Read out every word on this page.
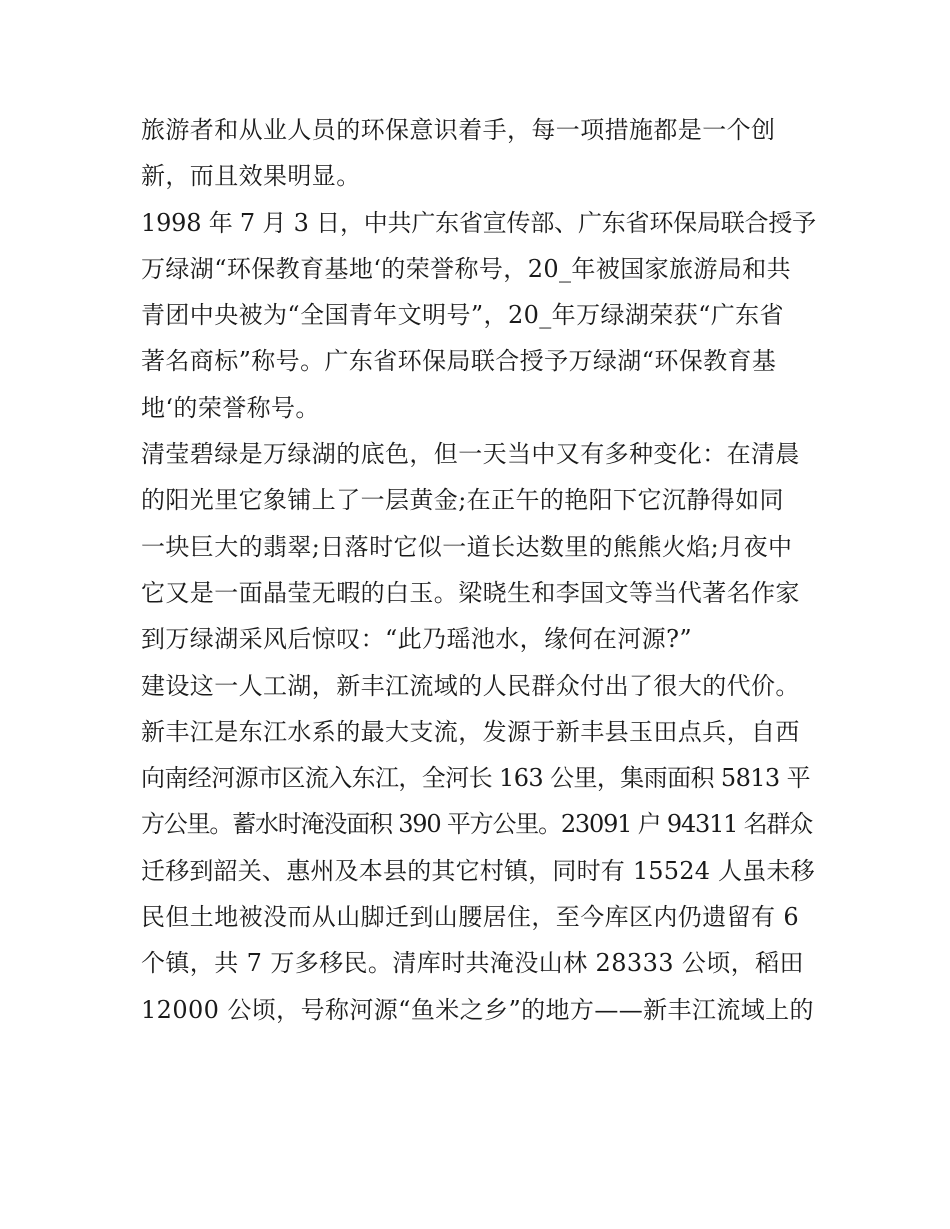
旅游者和从业人员的环保意识着手，每一项措施都是一个创
新，而且效果明显。
1998 年 7 月 3 日，中共广东省宣传部、广东省环保局联合授予
万绿湖“环保教育基地‘的荣誉称号，20_年被国家旅游局和共
青团中央被为“全国青年文明号”，20_年万绿湖荣获“广东省
著名商标”称号。广东省环保局联合授予万绿湖“环保教育基
地‘的荣誉称号。
清莹碧绿是万绿湖的底色，但一天当中又有多种变化：在清晨
的阳光里它象铺上了一层黄金;在正午的艳阳下它沉静得如同
一块巨大的翡翠;日落时它似一道长达数里的熊熊火焰;月夜中
它又是一面晶莹无暇的白玉。梁晓生和李国文等当代著名作家
到万绿湖采风后惊叹：“此乃瑶池水，缘何在河源?”
建设这一人工湖，新丰江流域的人民群众付出了很大的代价。
新丰江是东江水系的最大支流，发源于新丰县玉田点兵，自西
向南经河源市区流入东江，全河长 163 公里，集雨面积 5813 平
方公里。蓄水时淹没面积 390 平方公里。23091 户 94311 名群众
迁移到韶关、惠州及本县的其它村镇，同时有 15524 人虽未移
民但土地被没而从山脚迁到山腰居住，至今库区内仍遗留有 6
个镇，共 7 万多移民。清库时共淹没山林 28333 公顷，稻田
12000 公顷，号称河源“鱼米之乡”的地方——新丰江流域上的
